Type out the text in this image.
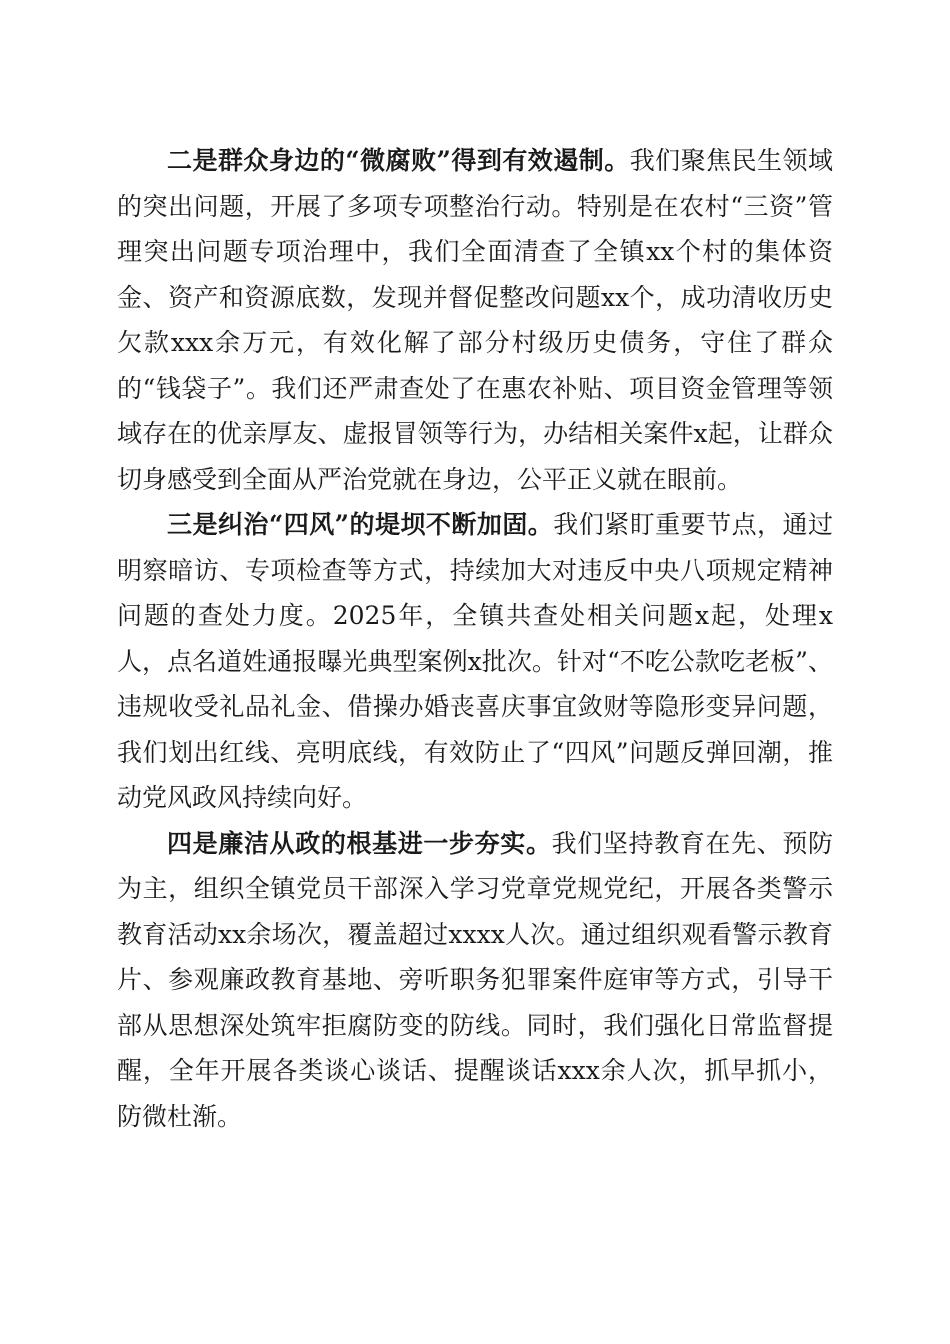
二是群众身边的“微腐败”得到有效遏制。我们聚焦民生领域的突出问题，开展了多项专项整治行动。特别是在农村“三资”管理突出问题专项治理中，我们全面清查了全镇xx个村的集体资金、资产和资源底数，发现并督促整改问题xx个，成功清收历史欠款xxx余万元，有效化解了部分村级历史债务，守住了群众的“钱袋子”。我们还严肃查处了在惠农补贴、项目资金管理等领域存在的优亲厚友、虚报冒领等行为，办结相关案件x起，让群众切身感受到全面从严治党就在身边，公平正义就在眼前。

三是纠治“四风”的堤坝不断加固。我们紧盯重要节点，通过明察暗访、专项检查等方式，持续加大对违反中央八项规定精神问题的查处力度。2025年，全镇共查处相关问题x起，处理x人，点名道姓通报曝光典型案例x批次。针对“不吃公款吃老板”、违规收受礼品礼金、借操办婚丧喜庆事宜敛财等隐形变异问题，我们划出红线、亮明底线，有效防止了“四风”问题反弹回潮，推动党风政风持续向好。

四是廉洁从政的根基进一步夯实。我们坚持教育在先、预防为主，组织全镇党员干部深入学习党章党规党纪，开展各类警示教育活动xx余场次，覆盖超过xxxx人次。通过组织观看警示教育片、参观廉政教育基地、旁听职务犯罪案件庭审等方式，引导干部从思想深处筑牢拒腐防变的防线。同时，我们强化日常监督提醒，全年开展各类谈心谈话、提醒谈话xxx余人次，抓早抓小，防微杜渐。
